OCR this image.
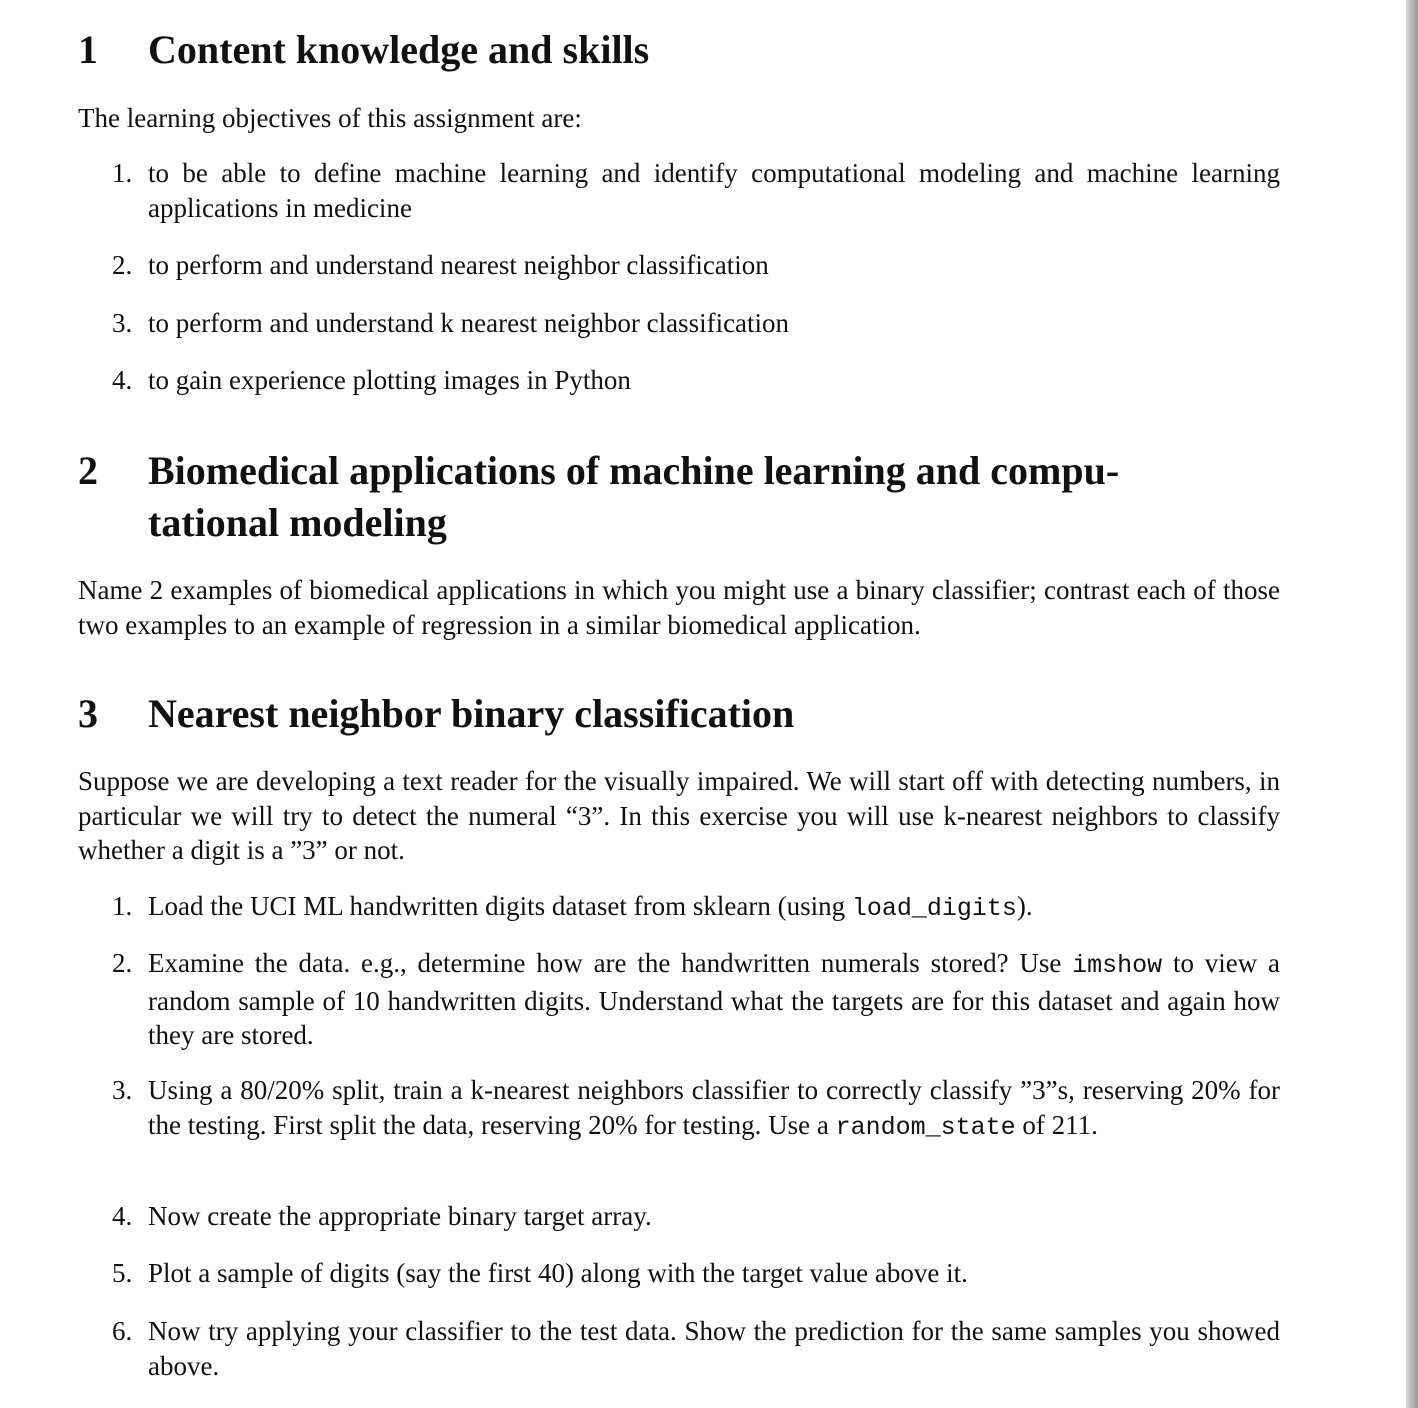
1 Content knowledge and skills

The learning objectives of this assignment are:

1. to be able to define machine learning and identify computational modeling and machine learning applications in medicine
2. to perform and understand nearest neighbor classification
3. to perform and understand k nearest neighbor classification
4. to gain experience plotting images in Python
2 Biomedical applications of machine learning and compu-
tational modeling

Name 2 examples of biomedical applications in which you might use a binary classifier; contrast each of those two examples to an example of regression in a similar biomedical application.

3 Nearest neighbor binary classification

Suppose we are developing a text reader for the visually impaired. We will start off with detecting numbers, in particular we will try to detect the numeral “3”. In this exercise you will use k-nearest neighbors to classify whether a digit is a ”3” or not.

1. Load the UCI ML handwritten digits dataset from sklearn (using load_digits).
2. Examine the data. e.g., determine how are the handwritten numerals stored? Use imshow to view a random sample of 10 handwritten digits. Understand what the targets are for this dataset and again how they are stored.
3. Using a 80/20% split, train a k-nearest neighbors classifier to correctly classify ”3”s, reserving 20% for the testing. First split the data, reserving 20% for testing. Use a random_state of 211.
4. Now create the appropriate binary target array.
5. Plot a sample of digits (say the first 40) along with the target value above it.
6. Now try applying your classifier to the test data. Show the prediction for the same samples you showed above.
